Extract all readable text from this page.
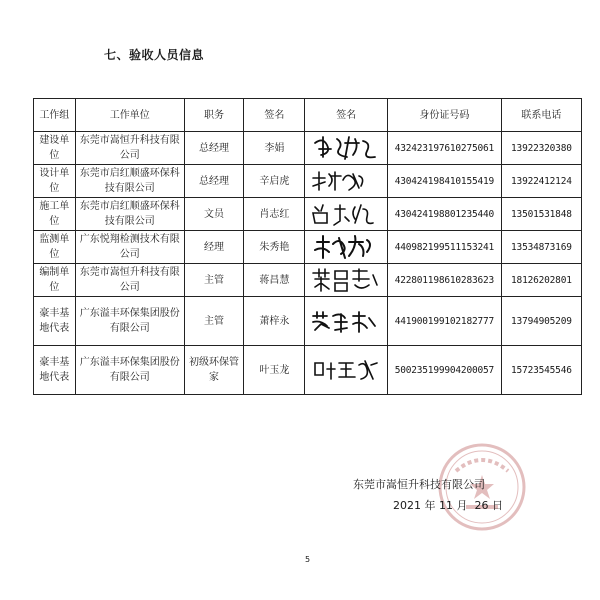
七、验收人员信息
工作组	工作单位	职务	签名	签名	身份证号码	联系电话
建设单位	东莞市嵩恒升科技有限公司	总经理	李娟		432423197610275061	13922320380
设计单位	东莞市启红顺盛环保科技有限公司	总经理	辛启虎		430424198410155419	13922412124
施工单位	东莞市启红顺盛环保科技有限公司	文员	肖志红		430424198801235440	13501531848
监测单位	广东悦翔检测技术有限公司	经理	朱秀艳		440982199511153241	13534873169
编制单位	东莞市嵩恒升科技有限公司	主管	蒋昌慧		422801198610283623	18126202801
豪丰基地代表	广东溢丰环保集团股份有限公司	主管	萧梓永		441900199102182777	13794905209
豪丰基地代表	广东溢丰环保集团股份有限公司	初级环保管家	叶玉龙		500235199904200057	15723545546
东莞市嵩恒升科技有限公司
2021 年 11 月  26 日
5
